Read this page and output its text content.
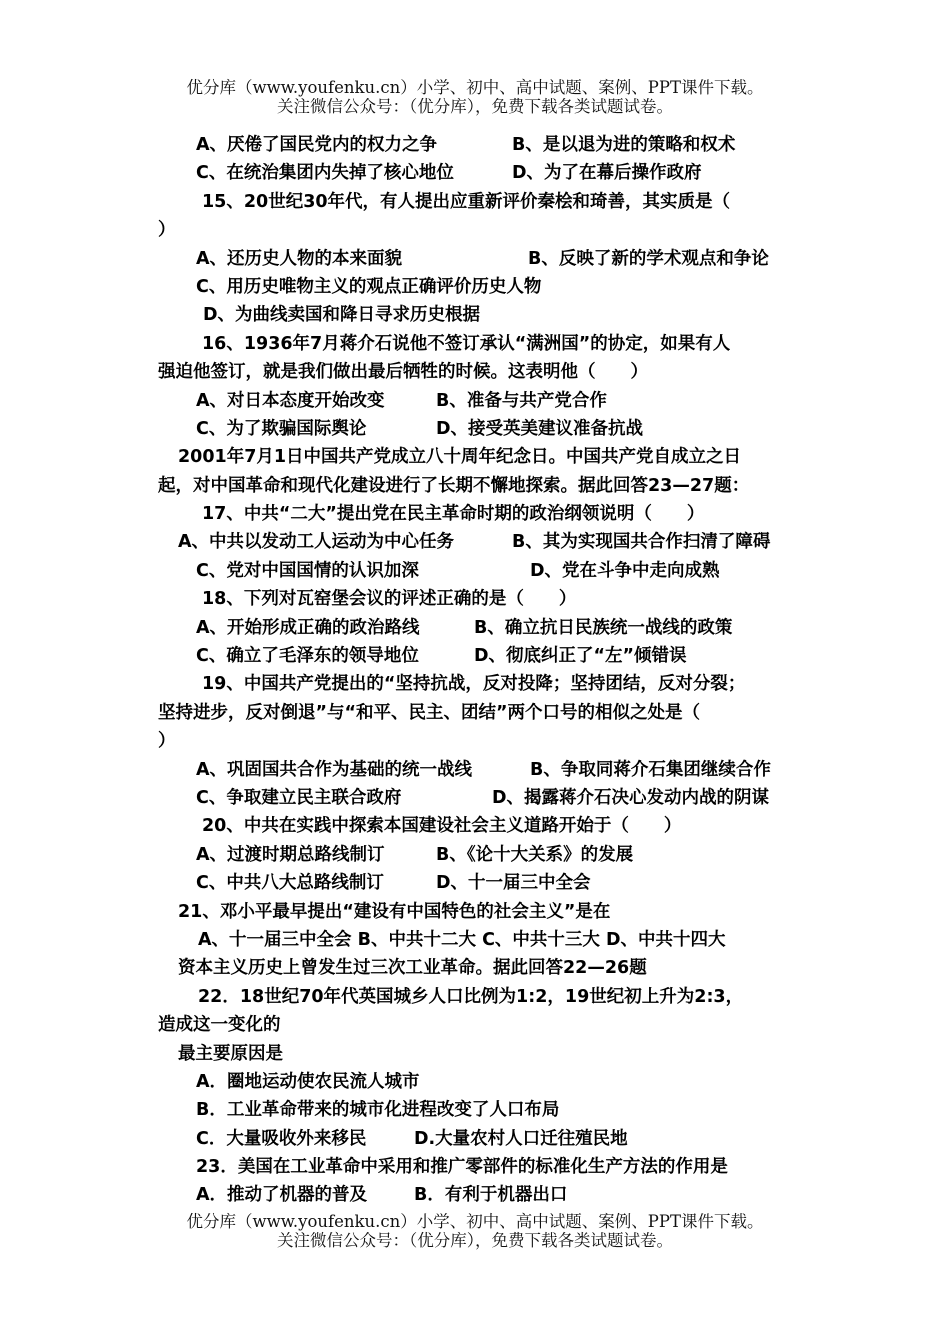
优分库（www.youfenku.cn）小学、初中、高中试题、案例、PPT课件下载。
关注微信公众号：（优分库），免费下载各类试题试卷。
A、厌倦了国民党内的权力之争	B、是以退为进的策略和权术
C、在统治集团内失掉了核心地位	D、为了在幕后操作政府
15、20世纪30年代，有人提出应重新评价秦桧和琦善，其实质是（
）
A、还历史人物的本来面貌	B、反映了新的学术观点和争论
C、用历史唯物主义的观点正确评价历史人物
D、为曲线卖国和降日寻求历史根据
16、1936年7月蒋介石说他不签订承认“满洲国”的协定，如果有人
强迫他签订，就是我们做出最后牺牲的时候。这表明他（　　）
A、对日本态度开始改变	B、准备与共产党合作
C、为了欺骗国际舆论	D、接受英美建议准备抗战
2001年7月1日中国共产党成立八十周年纪念日。中国共产党自成立之日
起，对中国革命和现代化建设进行了长期不懈地探索。据此回答23—27题：
17、中共“二大”提出党在民主革命时期的政治纲领说明（　　）
A、中共以发动工人运动为中心任务	B、其为实现国共合作扫清了障碍
C、党对中国国情的认识加深	D、党在斗争中走向成熟
18、下列对瓦窑堡会议的评述正确的是（　　）
A、开始形成正确的政治路线	B、确立抗日民族统一战线的政策
C、确立了毛泽东的领导地位	D、彻底纠正了“左”倾错误
19、中国共产党提出的“坚持抗战，反对投降；坚持团结，反对分裂；
坚持进步，反对倒退”与“和平、民主、团结”两个口号的相似之处是（
）
A、巩固国共合作为基础的统一战线	B、争取同蒋介石集团继续合作
C、争取建立民主联合政府	D、揭露蒋介石决心发动内战的阴谋
20、中共在实践中探索本国建设社会主义道路开始于（　　）
A、过渡时期总路线制订	B、《论十大关系》的发展
C、中共八大总路线制订	D、十一届三中全会
21、邓小平最早提出“建设有中国特色的社会主义”是在
A、十一届三中全会 B、中共十二大 C、中共十三大 D、中共十四大
资本主义历史上曾发生过三次工业革命。据此回答22—26题
22．18世纪70年代英国城乡人口比例为1:2，19世纪初上升为2:3，
造成这一变化的
最主要原因是
A．圈地运动使农民流人城市
B．工业革命带来的城市化进程改变了人口布局
C．大量吸收外来移民	D.大量农村人口迁往殖民地
23．美国在工业革命中采用和推广零部件的标准化生产方法的作用是
A．推动了机器的普及	B．有利于机器出口
优分库（www.youfenku.cn）小学、初中、高中试题、案例、PPT课件下载。
关注微信公众号：（优分库），免费下载各类试题试卷。
